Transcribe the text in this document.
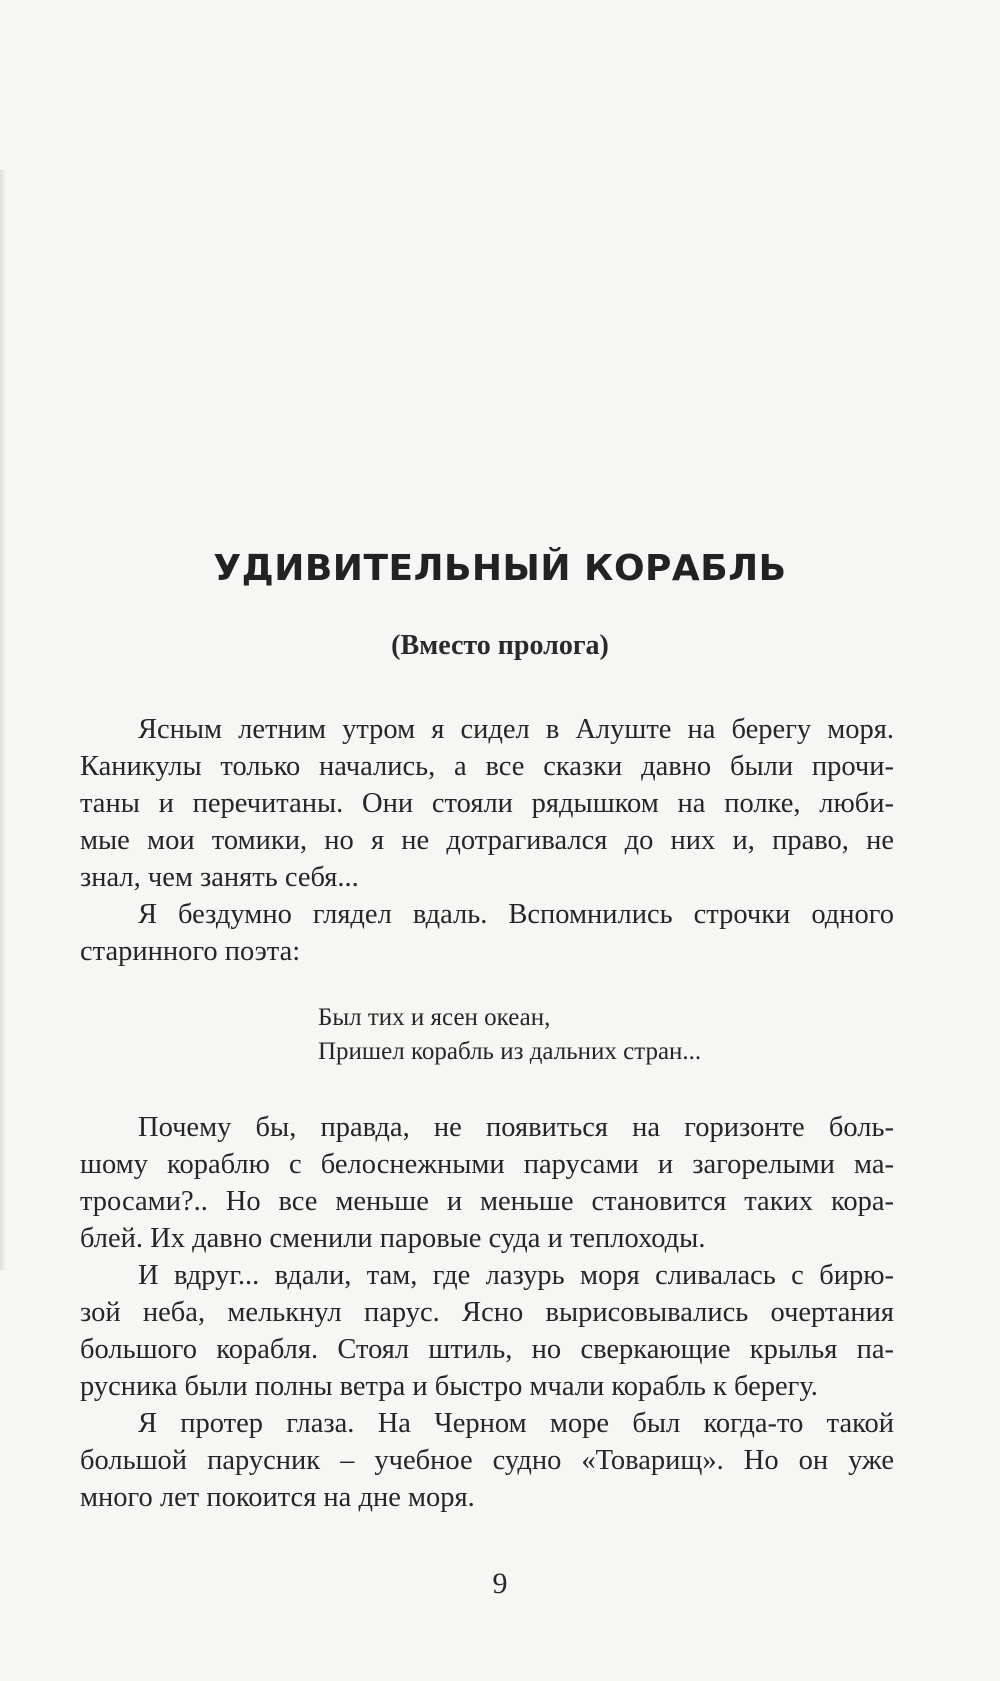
УДИВИТЕЛЬНЫЙ КОРАБЛЬ
(Вместо пролога)
Ясным летним утром я сидел в Алуште на берегу моря.
Каникулы только начались, а все сказки давно были прочи-
таны и перечитаны. Они стояли рядышком на полке, люби-
мые мои томики, но я не дотрагивался до них и, право, не
знал, чем занять себя...
Я бездумно глядел вдаль. Вспомнились строчки одного
старинного поэта:
Был тих и ясен океан,
Пришел корабль из дальних стран...
Почему бы, правда, не появиться на горизонте боль-
шому кораблю с белоснежными парусами и загорелыми ма-
тросами?.. Но все меньше и меньше становится таких кора-
блей. Их давно сменили паровые суда и теплоходы.
И вдруг... вдали, там, где лазурь моря сливалась с бирю-
зой неба, мелькнул парус. Ясно вырисовывались очертания
большого корабля. Стоял штиль, но сверкающие крылья па-
русника были полны ветра и быстро мчали корабль к берегу.
Я протер глаза. На Черном море был когда-то такой
большой парусник – учебное судно «Товарищ». Но он уже
много лет покоится на дне моря.
9
